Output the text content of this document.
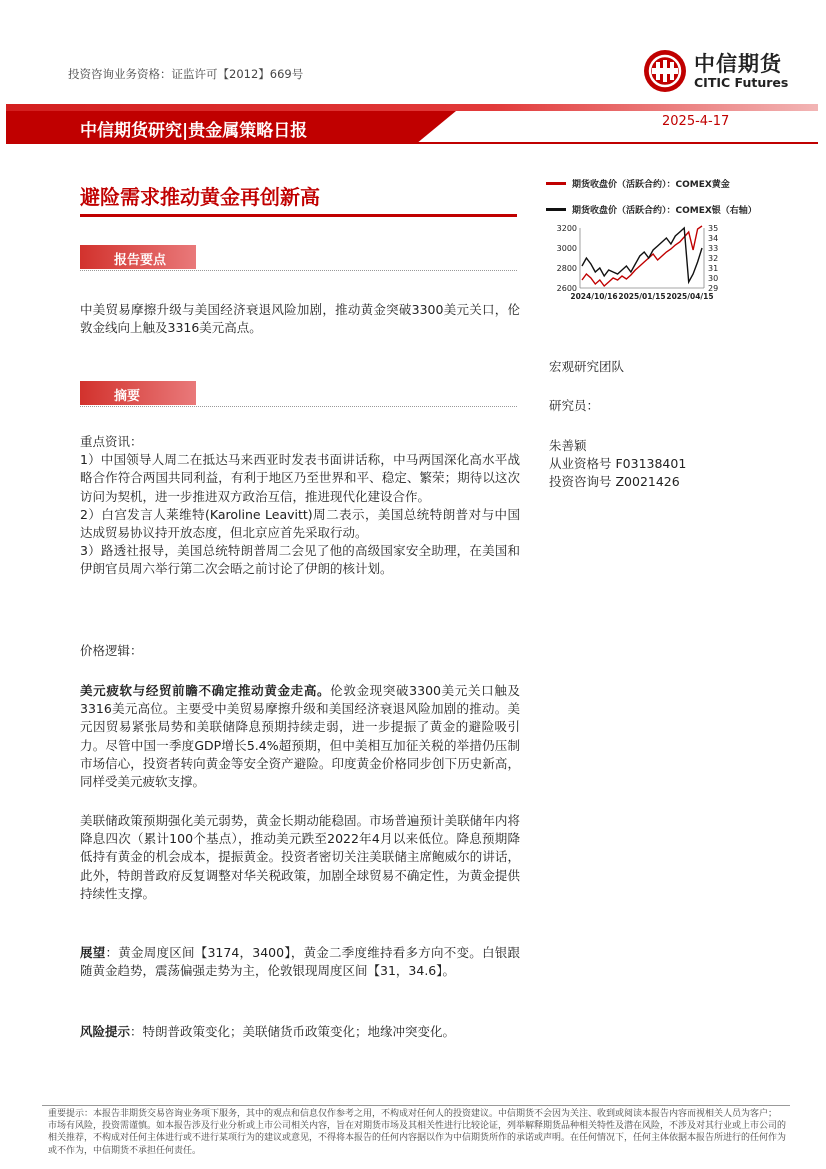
投资咨询业务资格：证监许可【2012】669号	中信期货
CITIC Futures
中信期货研究|贵金属策略日报	2025-4-17
避险需求推动黄金再创新高
报告要点
中美贸易摩擦升级与美国经济衰退风险加剧，推动黄金突破3300美元关口，伦敦金线向上触及3316美元高点。
摘要

重点资讯：

1）中国领导人周二在抵达马来西亚时发表书面讲话称，中马两国深化高水平战略合作符合两国共同利益，有利于地区乃至世界和平、稳定、繁荣；期待以这次访问为契机，进一步推进双方政治互信，推进现代化建设合作。

2）白宫发言人莱维特(Karoline Leavitt)周二表示，美国总统特朗普对与中国达成贸易协议持开放态度，但北京应首先采取行动。

3）路透社报导，美国总统特朗普周二会见了他的高级国家安全助理，在美国和伊朗官员周六举行第二次会晤之前讨论了伊朗的核计划。

价格逻辑：
美元疲软与经贸前瞻不确定推动黄金走高。伦敦金现突破3300美元关口触及3316美元高位。主要受中美贸易摩擦升级和美国经济衰退风险加剧的推动。美元因贸易紧张局势和美联储降息预期持续走弱，进一步提振了黄金的避险吸引力。尽管中国一季度GDP增长5.4%超预期，但中美相互加征关税的举措仍压制市场信心，投资者转向黄金等安全资产避险。印度黄金价格同步创下历史新高，同样受美元疲软支撑。
美联储政策预期强化美元弱势，黄金长期动能稳固。市场普遍预计美联储年内将降息四次（累计100个基点），推动美元跌至2022年4月以来低位。降息预期降低持有黄金的机会成本，提振黄金。投资者密切关注美联储主席鲍威尔的讲话，此外，特朗普政府反复调整对华关税政策，加剧全球贸易不确定性，为黄金提供持续性支撑。
展望：黄金周度区间【3174，3400】，黄金二季度维持看多方向不变。白银跟随黄金趋势，震荡偏强走势为主，伦敦银现周度区间【31，34.6】。
风险提示：特朗普政策变化；美联储货币政策变化；地缘冲突变化。
期货收盘价（活跃合约）：COMEX黄金
期货收盘价（活跃合约）：COMEX银（右轴）
3200
3000
2800
2600
35
34
33
32
31
30
29
2024/10/16 2025/01/15 2025/04/15
宏观研究团队
研究员：
朱善颖
从业资格号 F03138401
投资咨询号 Z0021426
重要提示：本报告非期货交易咨询业务项下服务，其中的观点和信息仅作参考之用，不构成对任何人的投资建议。中信期货不会因为关注、收到或阅读本报告内容而视相关人员为客户；市场有风险，投资需谨慎。如本报告涉及行业分析或上市公司相关内容，旨在对期货市场及其相关性进行比较论证，列举解释期货品种相关特性及潜在风险，不涉及对其行业或上市公司的相关推荐，不构成对任何主体进行或不进行某项行为的建议或意见，不得将本报告的任何内容据以作为中信期货所作的承诺或声明。在任何情况下，任何主体依据本报告所进行的任何作为或不作为，中信期货不承担任何责任。
